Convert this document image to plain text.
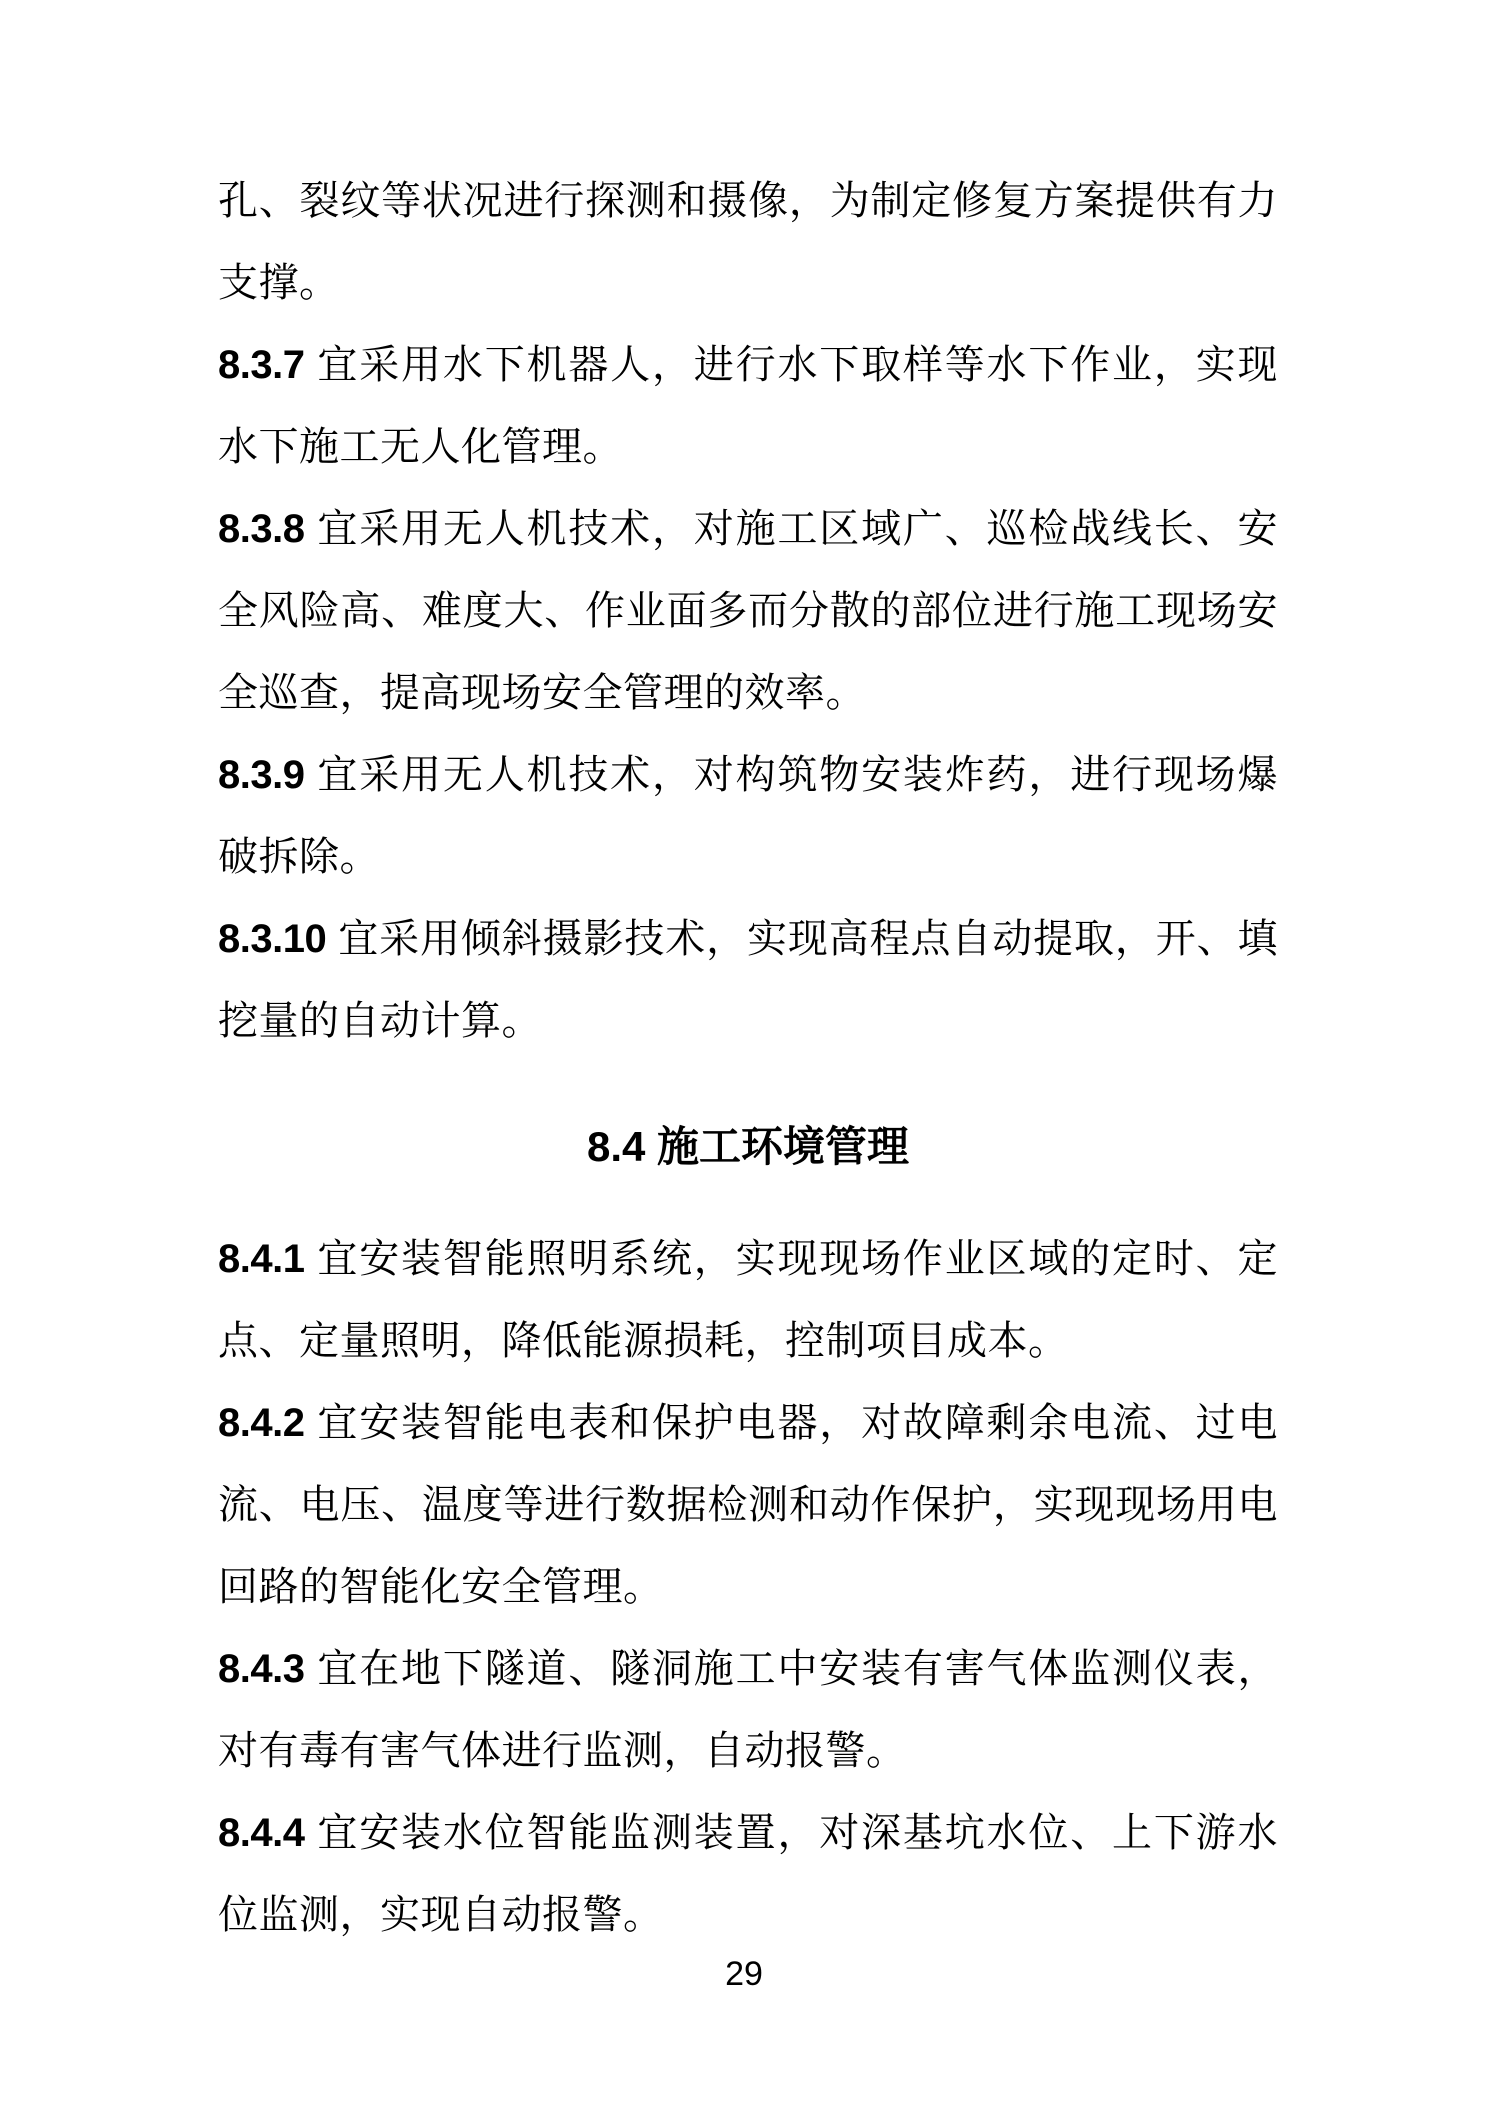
孔、裂纹等状况进行探测和摄像，为制定修复方案提供有力支撑。

8.3.7 宜采用水下机器人，进行水下取样等水下作业，实现水下施工无人化管理。

8.3.8 宜采用无人机技术，对施工区域广、巡检战线长、安全风险高、难度大、作业面多而分散的部位进行施工现场安全巡查，提高现场安全管理的效率。

8.3.9 宜采用无人机技术，对构筑物安装炸药，进行现场爆破拆除。

8.3.10 宜采用倾斜摄影技术，实现高程点自动提取，开、填挖量的自动计算。

8.4 施工环境管理

8.4.1 宜安装智能照明系统，实现现场作业区域的定时、定点、定量照明，降低能源损耗，控制项目成本。

8.4.2 宜安装智能电表和保护电器，对故障剩余电流、过电流、电压、温度等进行数据检测和动作保护，实现现场用电回路的智能化安全管理。

8.4.3 宜在地下隧道、隧洞施工中安装有害气体监测仪表，对有毒有害气体进行监测，自动报警。

8.4.4 宜安装水位智能监测装置，对深基坑水位、上下游水位监测，实现自动报警。

29
